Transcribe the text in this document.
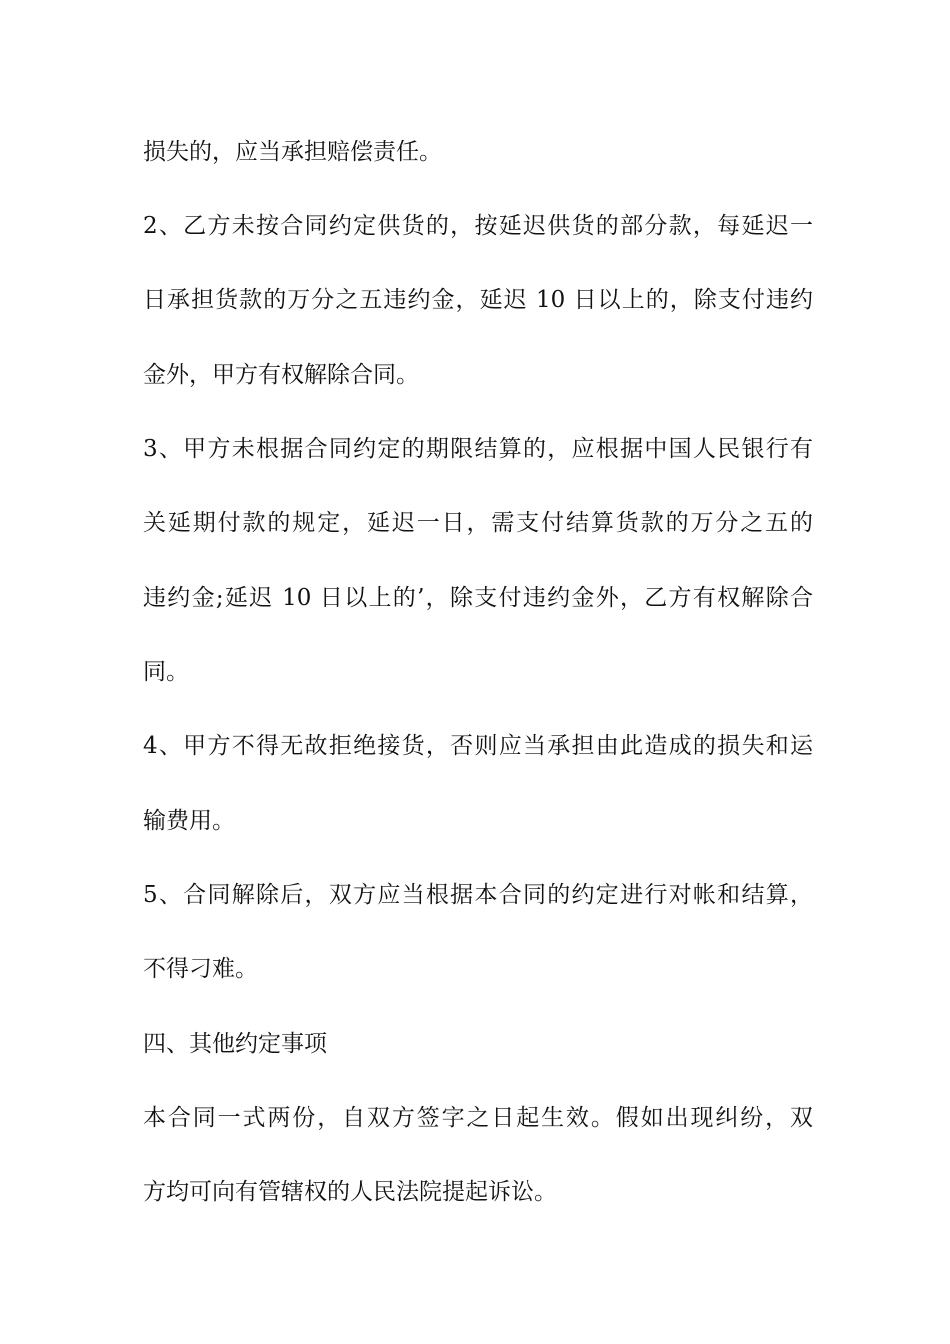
损失的，应当承担赔偿责任。

2、乙方未按合同约定供货的，按延迟供货的部分款，每延迟一

日承担货款的万分之五违约金，延迟 10 日以上的，除支付违约

金外，甲方有权解除合同。

3、甲方未根据合同约定的期限结算的，应根据中国人民银行有

关延期付款的规定，延迟一日，需支付结算货款的万分之五的

违约金;延迟 10 日以上的’，除支付违约金外，乙方有权解除合

同。

4、甲方不得无故拒绝接货，否则应当承担由此造成的损失和运

输费用。

5、合同解除后，双方应当根据本合同的约定进行对帐和结算，

不得刁难。

四、其他约定事项

本合同一式两份，自双方签字之日起生效。假如出现纠纷，双

方均可向有管辖权的人民法院提起诉讼。
